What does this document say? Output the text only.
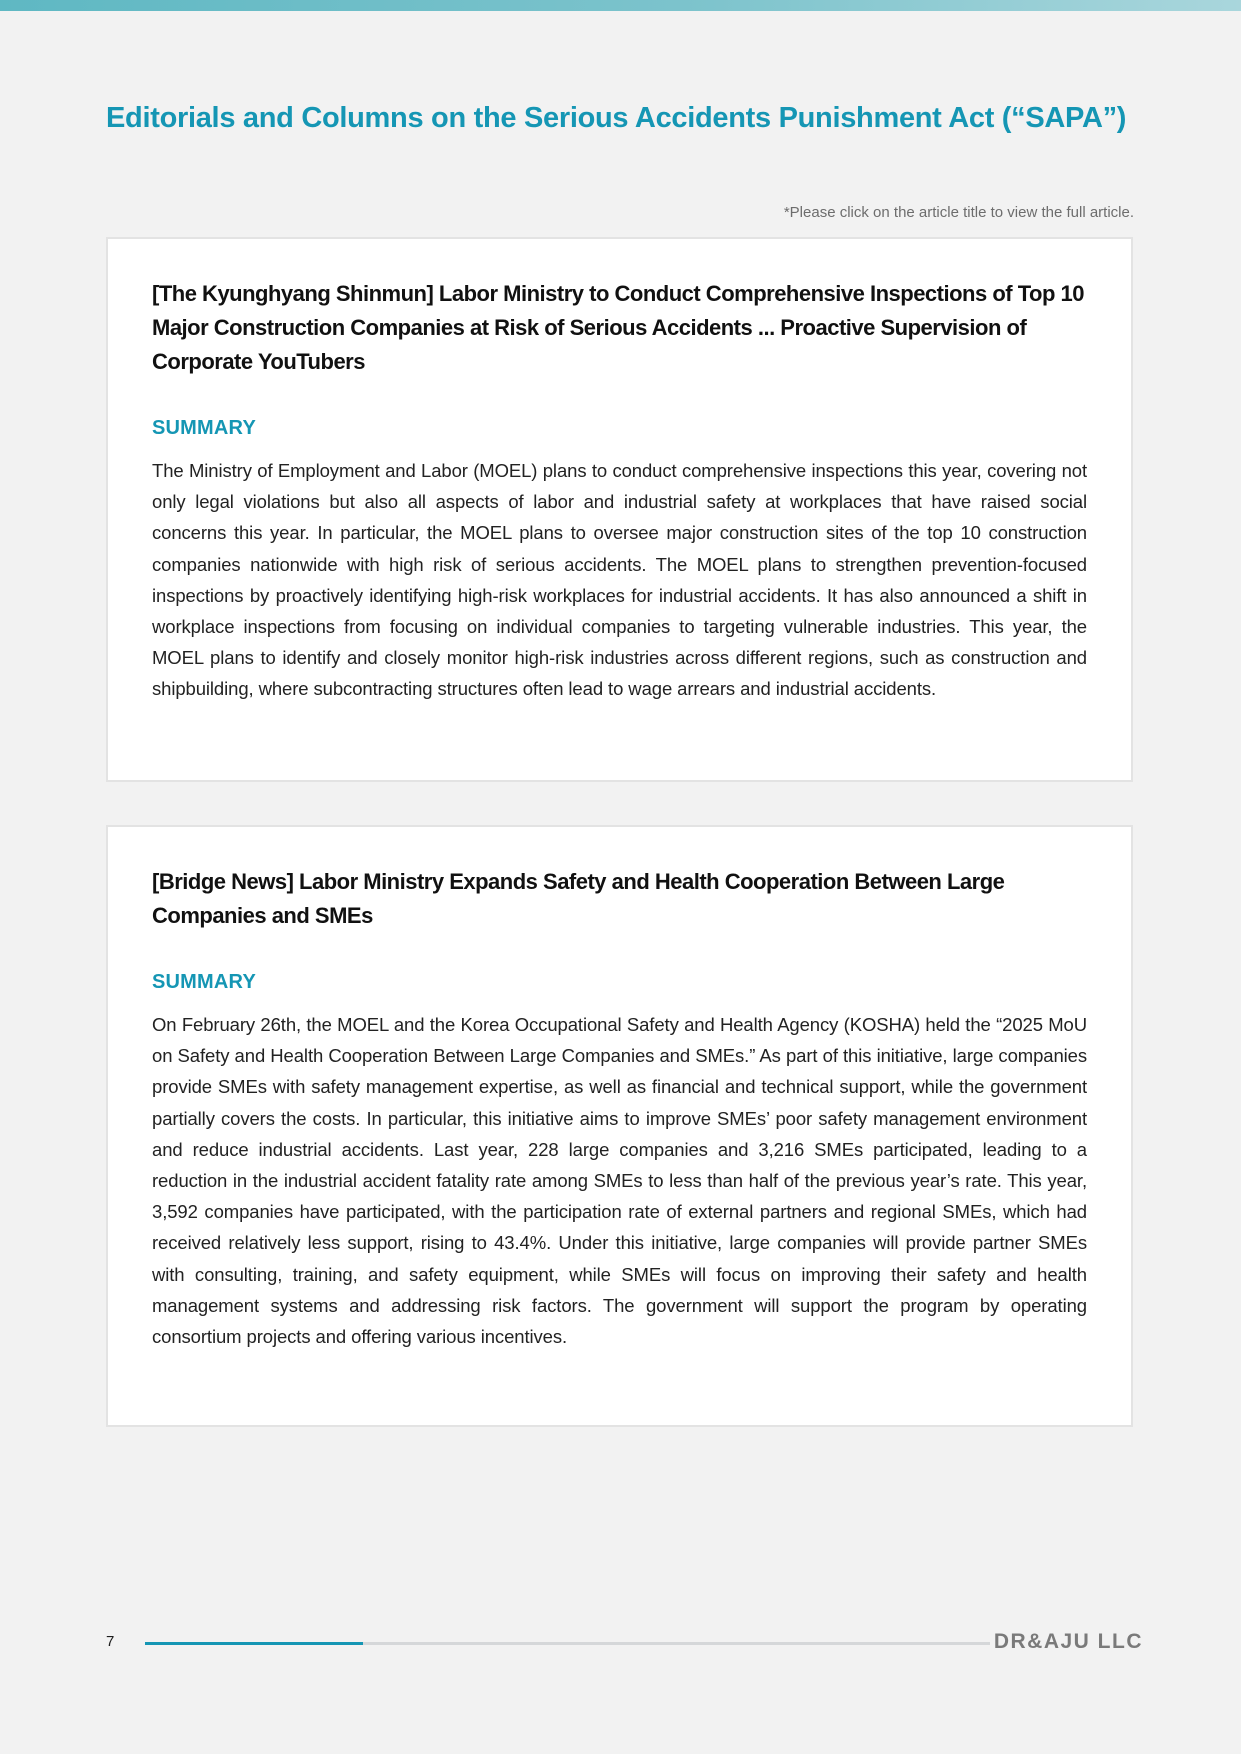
Editorials and Columns on the Serious Accidents Punishment Act (“SAPA”)
*Please click on the article title to view the full article.
[The Kyunghyang Shinmun] Labor Ministry to Conduct Comprehensive Inspections of Top 10 Major Construction Companies at Risk of Serious Accidents ... Proactive Supervision of Corporate YouTubers
SUMMARY

The Ministry of Employment and Labor (MOEL) plans to conduct comprehensive inspections this year, covering not only legal violations but also all aspects of labor and industrial safety at workplaces that have raised social concerns this year. In particular, the MOEL plans to oversee major construction sites of the top 10 construction companies nationwide with high risk of serious accidents. The MOEL plans to strengthen prevention-focused inspections by proactively identifying high-risk workplaces for industrial accidents. It has also announced a shift in workplace inspections from focusing on individual companies to targeting vulnerable industries. This year, the MOEL plans to identify and closely monitor high-risk industries across different regions, such as construction and shipbuilding, where subcontracting structures often lead to wage arrears and industrial accidents.

[Bridge News] Labor Ministry Expands Safety and Health Cooperation Between Large Companies and SMEs
SUMMARY

On February 26th, the MOEL and the Korea Occupational Safety and Health Agency (KOSHA) held the “2025 MoU on Safety and Health Cooperation Between Large Companies and SMEs.” As part of this initiative, large companies provide SMEs with safety management expertise, as well as financial and technical support, while the government partially covers the costs. In particular, this initiative aims to improve SMEs’ poor safety management environment and reduce industrial accidents. Last year, 228 large companies and 3,216 SMEs participated, leading to a reduction in the industrial accident fatality rate among SMEs to less than half of the previous year’s rate. This year, 3,592 companies have participated, with the participation rate of external partners and regional SMEs, which had received relatively less support, rising to 43.4%. Under this initiative, large companies will provide partner SMEs with consulting, training, and safety equipment, while SMEs will focus on improving their safety and health management systems and addressing risk factors. The government will support the program by operating consortium projects and offering various incentives.

7	DR&AJU LLC
